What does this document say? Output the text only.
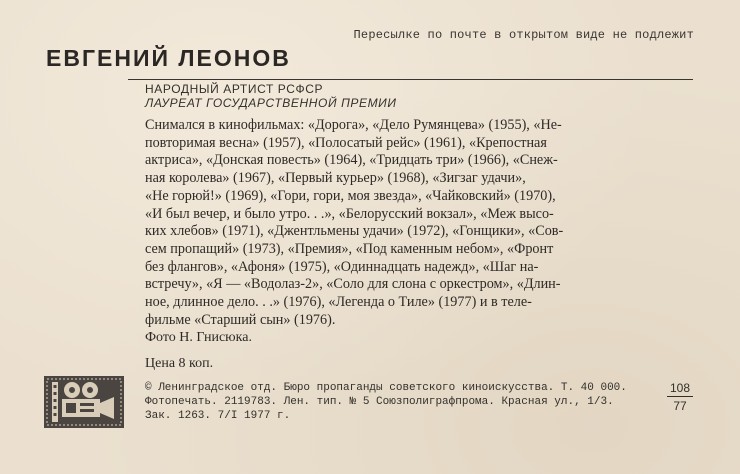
Пересылке по почте в открытом виде не подлежит
ЕВГЕНИЙ ЛЕОНОВ
НАРОДНЫЙ АРТИСТ РСФСР
ЛАУРЕАТ ГОСУДАРСТВЕННОЙ ПРЕМИИ
Снимался в кинофильмах: «Дорога», «Дело Румянцева» (1955), «Не-
повторимая весна» (1957), «Полосатый рейс» (1961), «Крепостная
актриса», «Донская повесть» (1964), «Тридцать три» (1966), «Снеж-
ная королева» (1967), «Первый курьер» (1968), «Зигзаг удачи»,
«Не горюй!» (1969), «Гори, гори, моя звезда», «Чайковский» (1970),
«И был вечер, и было утро. . .», «Белорусский вокзал», «Меж высо-
ких хлебов» (1971), «Джентльмены удачи» (1972), «Гонщики», «Сов-
сем пропащий» (1973), «Премия», «Под каменным небом», «Фронт
без флангов», «Афоня» (1975), «Одиннадцать надежд», «Шаг на-
встречу», «Я — «Водолаз-2», «Соло для слона с оркестром», «Длин-
ное, длинное дело. . .» (1976), «Легенда о Тиле» (1977) и в теле-
фильме «Старший сын» (1976).
Фото Н. Гнисюка.
Цена 8 коп.
© Ленинградское отд. Бюро пропаганды советского киноискусства. Т. 40 000.
Фотопечать. 2119783. Лен. тип. № 5 Союзполиграфпрома. Красная ул., 1/3.
Зак. 1263. 7/I 1977 г.
108
77
